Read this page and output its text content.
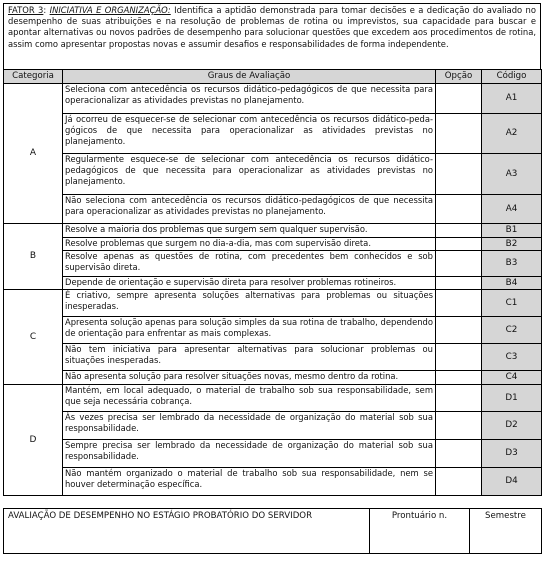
FATOR 3: INICIATIVA E ORGANIZAÇÃO: Identifica a aptidão demonstrada para tomar decisões e a dedicação do avaliado no desempenho de suas atribuições e na resolução de problemas de rotina ou imprevistos, sua capacidade para buscar e apontar alternativas ou novos padrões de desempenho para solucionar questões que excedem aos procedimentos de rotina, assim como apresentar propostas novas e assumir desafios e responsabilidades de forma independente.
Categoria	Graus de Avaliação	Opção	Código
A	Seleciona com antecedência os recursos didático-pedagógicos de que necessita para operacionalizar as atividades previstas no planejamento.		A1
	Já ocorreu de esquecer-se de selecionar com antecedência os recursos didático-peda-gógicos de que necessita para operacionalizar as atividades previstas no planejamento.		A2
	Regularmente esquece-se de selecionar com antecedência os recursos didático-pedagógicos de que necessita para operacionalizar as atividades previstas no planejamento.		A3
	Não seleciona com antecedência os recursos didático-pedagógicos de que necessita para operacionalizar as atividades previstas no planejamento.		A4
B	Resolve a maioria dos problemas que surgem sem qualquer supervisão.		B1
	Resolve problemas que surgem no dia-a-dia, mas com supervisão direta.		B2
	Resolve apenas as questões de rotina, com precedentes bem conhecidos e sob supervisão direta.		B3
	Depende de orientação e supervisão direta para resolver problemas rotineiros.		B4
C	É criativo, sempre apresenta soluções alternativas para problemas ou situações inesperadas.		C1
	Apresenta solução apenas para solução simples da sua rotina de trabalho, dependendo de orientação para enfrentar as mais complexas.		C2
	Não tem iniciativa para apresentar alternativas para solucionar problemas ou situações inesperadas.		C3
	Não apresenta solução para resolver situações novas, mesmo dentro da rotina.		C4
D	Mantém, em local adequado, o material de trabalho sob sua responsabilidade, sem que seja necessária cobrança.		D1
	Às vezes precisa ser lembrado da necessidade de organização do material sob sua responsabilidade.		D2
	Sempre precisa ser lembrado da necessidade de organização do material sob sua responsabilidade.		D3
	Não mantém organizado o material de trabalho sob sua responsabilidade, nem se houver determinação específica.		D4
AVALIAÇÃO DE DESEMPENHO NO ESTÁGIO PROBATÓRIO DO SERVIDOR	Prontuário n.	Semestre
